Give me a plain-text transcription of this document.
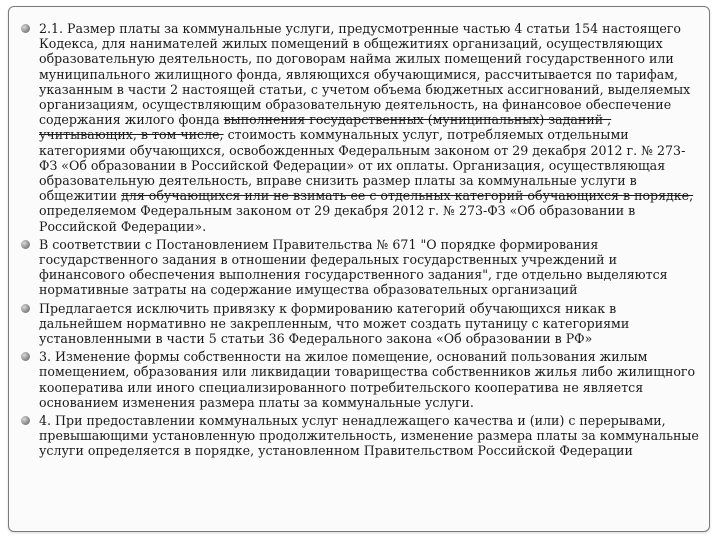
2.1. Размер платы за коммунальные услуги, предусмотренные частью 4 статьи 154 настоящего Кодекса, для нанимателей жилых помещений в общежитиях организаций, осуществляющих образовательную деятельность, по договорам найма жилых помещений государственного или муниципального жилищного фонда, являющихся обучающимися, рассчитывается по тарифам, указанным в части 2 настоящей статьи, с учетом объема бюджетных ассигнований, выделяемых организациям, осуществляющим образовательную деятельность, на финансовое обеспечение содержания жилого фонда выполнения государственных (муниципальных) заданий , учитывающих, в том числе, стоимость коммунальных услуг, потребляемых отдельными категориями обучающихся, освобожденных Федеральным законом от 29 декабря 2012 г. № 273-ФЗ «Об образовании в Российской Федерации» от их оплаты. Организация, осуществляющая образовательную деятельность, вправе снизить размер платы за коммунальные услуги в общежитии для обучающихся или не взимать ее с отдельных категорий обучающихся в порядке, определяемом Федеральным законом от 29 декабря 2012 г. № 273-ФЗ «Об образовании в Российской Федерации».
В соответствии с Постановлением Правительства № 671 "О порядке формирования государственного задания в отношении федеральных государственных учреждений и финансового обеспечения выполнения государственного задания", где отдельно выделяются нормативные затраты на содержание имущества образовательных организаций
Предлагается исключить привязку к формированию категорий обучающихся никак в дальнейшем нормативно не закрепленным, что может создать путаницу с категориями установленными в части 5 статьи 36 Федерального закона «Об образовании в РФ»
3. Изменение формы собственности на жилое помещение, оснований пользования жилым помещением, образования или ликвидации товарищества собственников жилья либо жилищного кооператива или иного специализированного потребительского кооператива не является основанием изменения размера платы за коммунальные услуги.
4. При предоставлении коммунальных услуг ненадлежащего качества и (или) с перерывами, превышающими установленную продолжительность, изменение размера платы за коммунальные услуги определяется в порядке, установленном Правительством Российской Федерации
